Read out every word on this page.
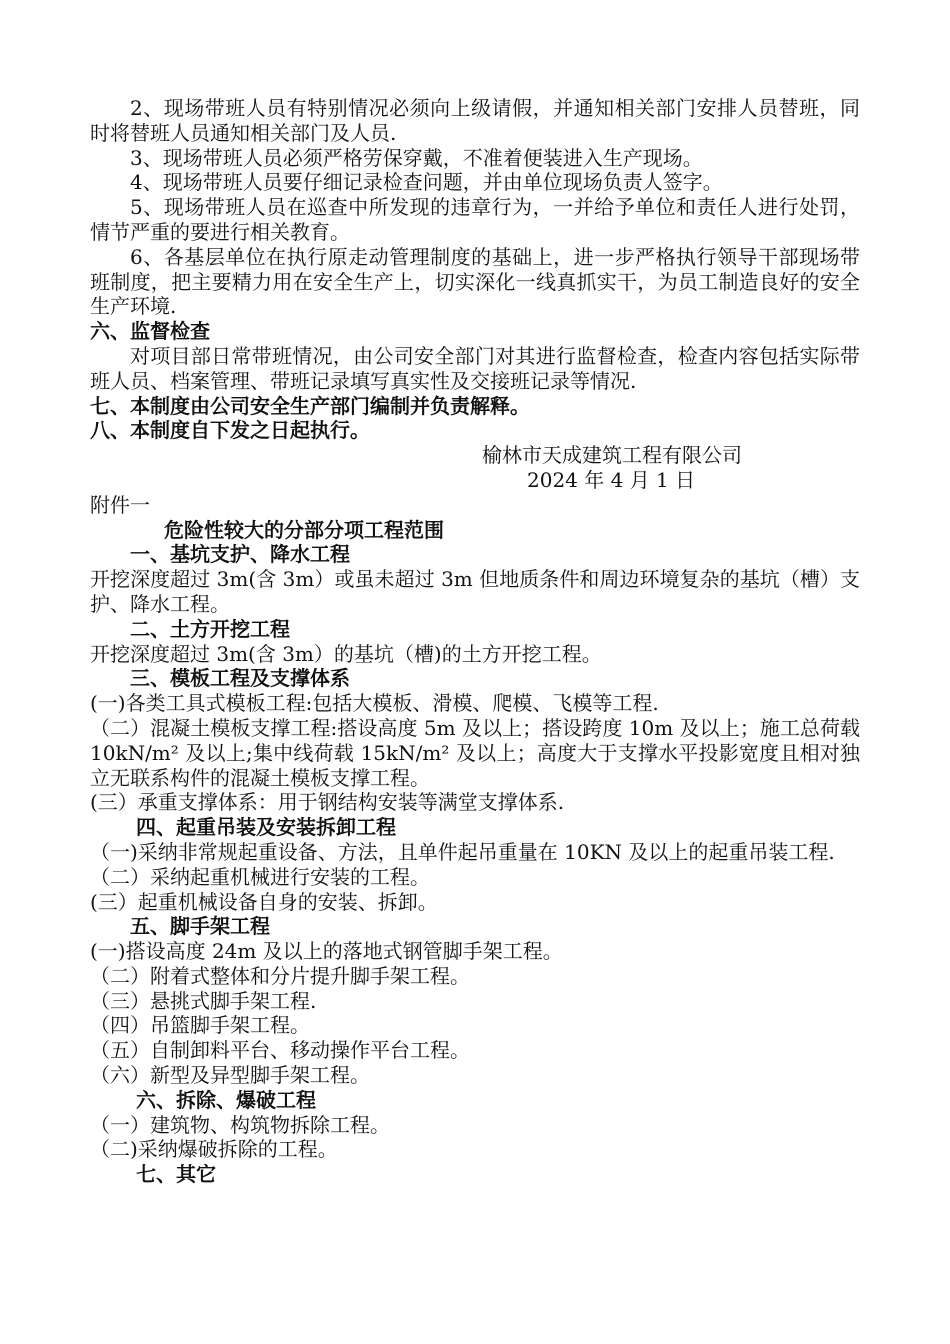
2、现场带班人员有特别情况必须向上级请假，并通知相关部门安排人员替班，同时将替班人员通知相关部门及人员.

3、现场带班人员必须严格劳保穿戴，不准着便装进入生产现场。

4、现场带班人员要仔细记录检查问题，并由单位现场负责人签字。

5、现场带班人员在巡查中所发现的违章行为，一并给予单位和责任人进行处罚，情节严重的要进行相关教育。

6、各基层单位在执行原走动管理制度的基础上，进一步严格执行领导干部现场带班制度，把主要精力用在安全生产上，切实深化一线真抓实干，为员工制造良好的安全生产环境.

六、监督检查

对项目部日常带班情况，由公司安全部门对其进行监督检查，检查内容包括实际带班人员、档案管理、带班记录填写真实性及交接班记录等情况.

七、本制度由公司安全生产部门编制并负责解释。

八、本制度自下发之日起执行。

榆林市天成建筑工程有限公司

2024 年 4 月 1 日

附件一

危险性较大的分部分项工程范围

一、基坑支护、降水工程

开挖深度超过 3m(含 3m）或虽未超过 3m 但地质条件和周边环境复杂的基坑（槽）支护、降水工程。

二、土方开挖工程

开挖深度超过 3m(含 3m）的基坑（槽)的土方开挖工程。

三、模板工程及支撑体系

(一)各类工具式模板工程:包括大模板、滑模、爬模、飞模等工程.

（二）混凝土模板支撑工程:搭设高度 5m 及以上；搭设跨度 10m 及以上；施工总荷载 10kN/m² 及以上;集中线荷载 15kN/m² 及以上；高度大于支撑水平投影宽度且相对独立无联系构件的混凝土模板支撑工程。

(三）承重支撑体系：用于钢结构安装等满堂支撑体系.

四、起重吊装及安装拆卸工程

（一)采纳非常规起重设备、方法，且单件起吊重量在 10KN 及以上的起重吊装工程.

（二）采纳起重机械进行安装的工程。

(三）起重机械设备自身的安装、拆卸。

五、脚手架工程

(一)搭设高度 24m 及以上的落地式钢管脚手架工程。

（二）附着式整体和分片提升脚手架工程。

（三）悬挑式脚手架工程.

（四）吊篮脚手架工程。

（五）自制卸料平台、移动操作平台工程。

（六）新型及异型脚手架工程。

六、拆除、爆破工程

（一）建筑物、构筑物拆除工程。

（二)采纳爆破拆除的工程。

七、其它
